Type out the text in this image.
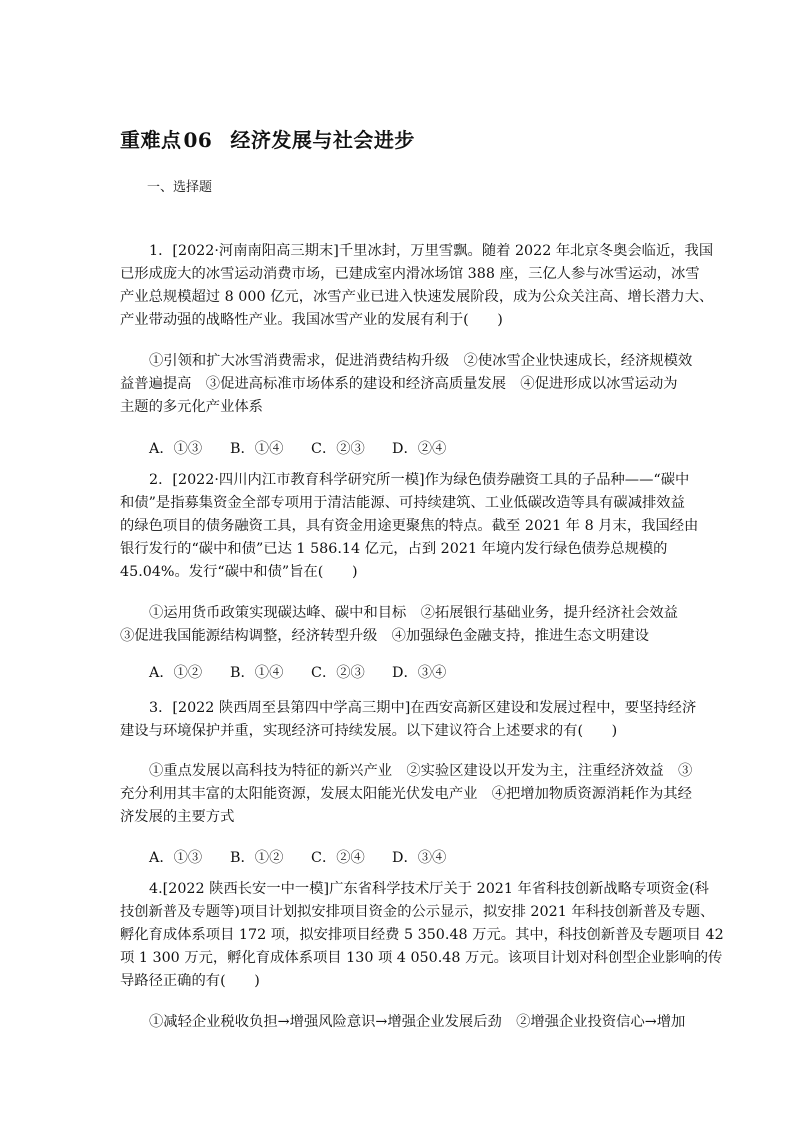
重难点 06 经济发展与社会进步
一、选择题
1．[2022·河南南阳高三期末]千里冰封，万里雪飘。随着 2022 年北京冬奥会临近，我国
已形成庞大的冰雪运动消费市场，已建成室内滑冰场馆 388 座，三亿人参与冰雪运动，冰雪
产业总规模超过 8 000 亿元，冰雪产业已进入快速发展阶段，成为公众关注高、增长潜力大、
产业带动强的战略性产业。我国冰雪产业的发展有利于(　　)
①引领和扩大冰雪消费需求，促进消费结构升级　②使冰雪企业快速成长，经济规模效
益普遍提高　③促进高标准市场体系的建设和经济高质量发展　④促进形成以冰雪运动为
主题的多元化产业体系
A．①③ B．①④ C．②③ D．②④
2．[2022·四川内江市教育科学研究所一模]作为绿色债券融资工具的子品种——“碳中
和债”是指募集资金全部专项用于清洁能源、可持续建筑、工业低碳改造等具有碳减排效益
的绿色项目的债务融资工具，具有资金用途更聚焦的特点。截至 2021 年 8 月末，我国经由
银行发行的“碳中和债”已达 1 586.14 亿元，占到 2021 年境内发行绿色债券总规模的
45.04%。发行“碳中和债”旨在(　　)
①运用货币政策实现碳达峰、碳中和目标　②拓展银行基础业务，提升经济社会效益
③促进我国能源结构调整，经济转型升级　④加强绿色金融支持，推进生态文明建设
A．①② B．①④ C．②③ D．③④
3．[2022 陕西周至县第四中学高三期中]在西安高新区建设和发展过程中，要坚持经济
建设与环境保护并重，实现经济可持续发展。以下建议符合上述要求的有(　　)
①重点发展以高科技为特征的新兴产业　②实验区建设以开发为主，注重经济效益　③
充分利用其丰富的太阳能资源，发展太阳能光伏发电产业　④把增加物质资源消耗作为其经
济发展的主要方式
A．①③ B．①② C．②④ D．③④
4.[2022 陕西长安一中一模]广东省科学技术厅关于 2021 年省科技创新战略专项资金(科
技创新普及专题等)项目计划拟安排项目资金的公示显示，拟安排 2021 年科技创新普及专题、
孵化育成体系项目 172 项，拟安排项目经费 5 350.48 万元。其中，科技创新普及专题项目 42
项 1 300 万元，孵化育成体系项目 130 项 4 050.48 万元。该项目计划对科创型企业影响的传
导路径正确的有(　　)
①减轻企业税收负担→增强风险意识→增强企业发展后劲　②增强企业投资信心→增加
